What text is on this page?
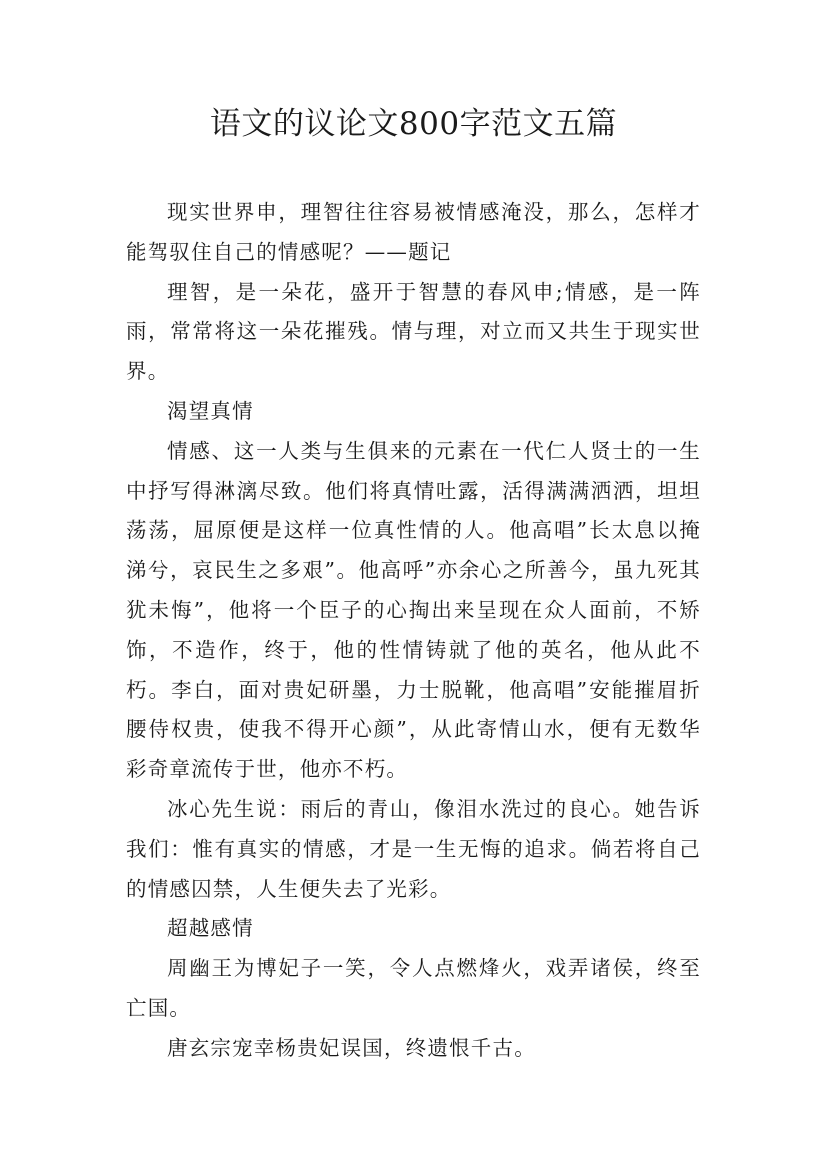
语文的议论文800字范文五篇

现实世界申，理智往往容易被情感淹没，那么，怎样才能驾驭住自己的情感呢？——题记

理智，是一朵花，盛开于智慧的春风申;情感，是一阵雨，常常将这一朵花摧残。情与理，对立而又共生于现实世界。

渴望真情

情感、这一人类与生俱来的元素在一代仁人贤士的一生中抒写得淋漓尽致。他们将真情吐露，活得满满洒洒，坦坦荡荡，屈原便是这样一位真性情的人。他高唱”长太息以掩涕兮，哀民生之多艰”。他高呼”亦余心之所善今，虽九死其犹未悔”，他将一个臣子的心掏出来呈现在众人面前，不矫饰，不造作，终于，他的性情铸就了他的英名，他从此不朽。李白，面对贵妃研墨，力士脱靴，他高唱”安能摧眉折腰侍权贵，使我不得开心颜”，从此寄情山水，便有无数华彩奇章流传于世，他亦不朽。

冰心先生说：雨后的青山，像泪水洗过的良心。她告诉我们：惟有真实的情感，才是一生无悔的追求。倘若将自己的情感囚禁，人生便失去了光彩。

超越感情

周幽王为博妃子一笑，令人点燃烽火，戏弄诸侯，终至亡国。

唐玄宗宠幸杨贵妃误国，终遗恨千古。
